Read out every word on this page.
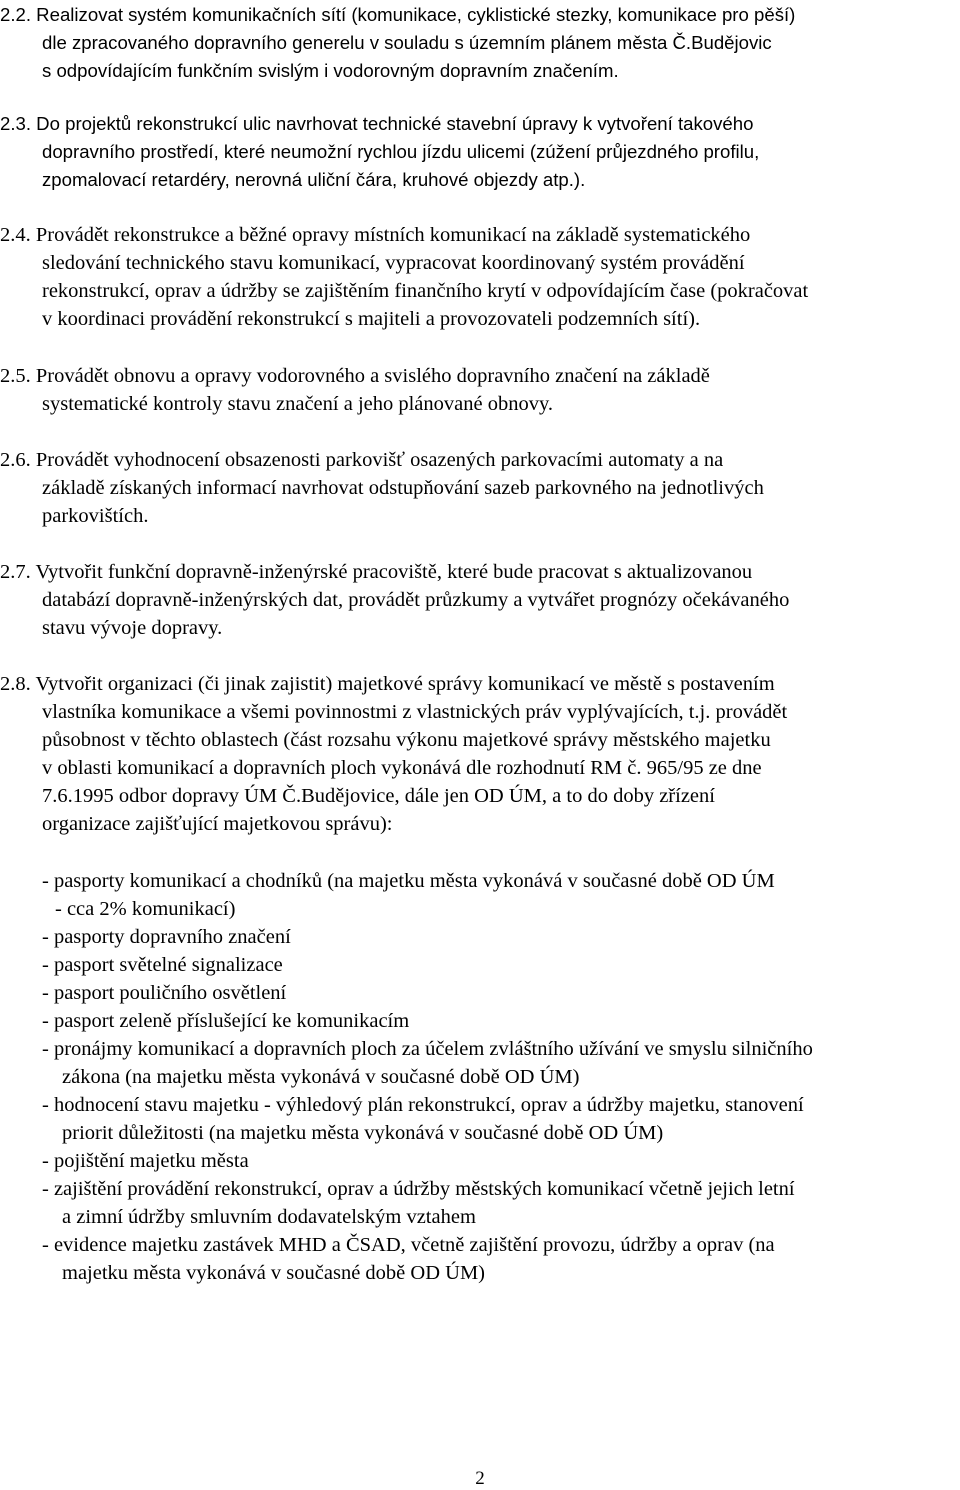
2.2. Realizovat systém komunikačních sítí (komunikace, cyklistické stezky, komunikace pro pěší)
dle zpracovaného dopravního generelu v souladu s územním plánem města Č.Budějovic
s odpovídajícím funkčním svislým i vodorovným dopravním značením.
2.3. Do projektů rekonstrukcí ulic navrhovat technické stavební úpravy k vytvoření takového
dopravního prostředí, které neumožní rychlou jízdu ulicemi (zúžení průjezdného profilu,
zpomalovací retardéry, nerovná uliční čára, kruhové objezdy atp.).
2.4. Provádět rekonstrukce a běžné opravy místních komunikací na základě systematického
sledování technického stavu komunikací, vypracovat koordinovaný systém provádění
rekonstrukcí, oprav a údržby se zajištěním finančního krytí v odpovídajícím čase (pokračovat
v koordinaci provádění rekonstrukcí s majiteli a provozovateli podzemních sítí).
2.5. Provádět obnovu a opravy vodorovného a svislého dopravního značení na základě
systematické kontroly stavu značení a jeho plánované obnovy.
2.6. Provádět vyhodnocení obsazenosti parkovišť osazených parkovacími automaty a na
základě získaných informací navrhovat odstupňování sazeb parkovného na jednotlivých
parkovištích.
2.7. Vytvořit funkční dopravně-inženýrské pracoviště, které bude pracovat s aktualizovanou
databází dopravně-inženýrských dat, provádět průzkumy a vytvářet prognózy očekávaného
stavu vývoje dopravy.
2.8. Vytvořit organizaci (či jinak zajistit) majetkové správy komunikací ve městě s postavením
vlastníka komunikace a všemi povinnostmi z vlastnických práv vyplývajících, t.j. provádět
působnost v těchto oblastech (část rozsahu výkonu majetkové správy městského majetku
v oblasti komunikací a dopravních ploch vykonává dle rozhodnutí RM č. 965/95 ze dne
7.6.1995 odbor dopravy ÚM Č.Budějovice, dále jen OD ÚM, a to do doby zřízení
organizace zajišťující majetkovou správu):
- pasporty komunikací a chodníků (na majetku města vykonává v současné době OD ÚM
- cca 2% komunikací)
- pasporty dopravního značení
- pasport světelné signalizace
- pasport pouličního osvětlení
- pasport zeleně příslušející ke komunikacím
- pronájmy komunikací a dopravních ploch za účelem zvláštního užívání ve smyslu silničního
zákona (na majetku města vykonává v současné době OD ÚM)
- hodnocení stavu majetku - výhledový plán rekonstrukcí, oprav a údržby majetku, stanovení
priorit důležitosti (na majetku města vykonává v současné době OD ÚM)
- pojištění majetku města
- zajištění provádění rekonstrukcí, oprav a údržby městských komunikací včetně jejich letní
a zimní údržby smluvním dodavatelským vztahem
- evidence majetku zastávek MHD a ČSAD, včetně zajištění provozu, údržby a oprav (na
majetku města vykonává v současné době OD ÚM)
2
